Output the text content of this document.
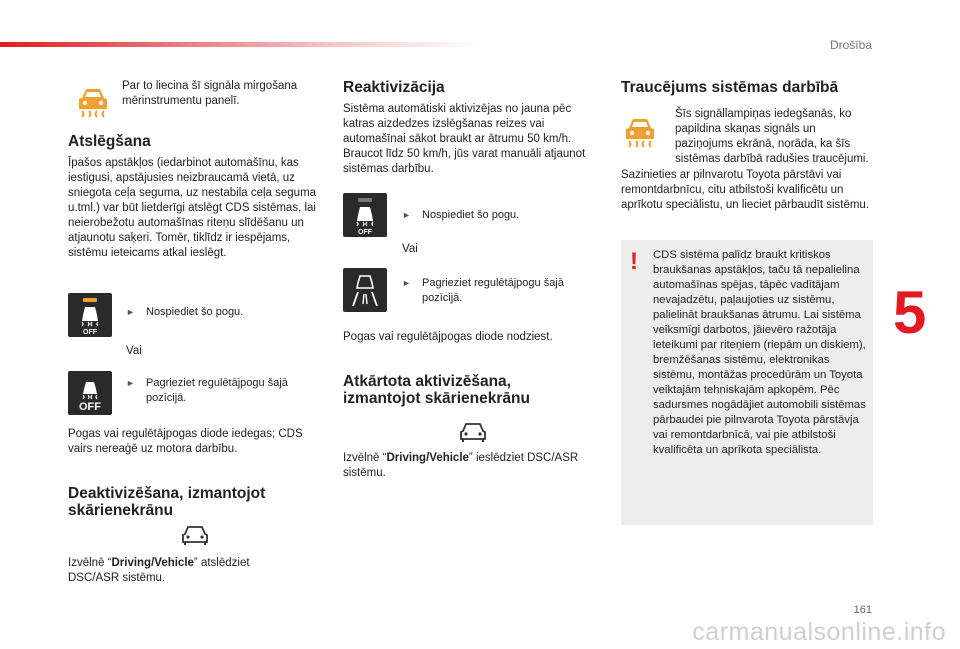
Drošība
5
161
carmanualsonline.info

Par to liecina šī signāla mirgošana mērinstrumentu panelī.

Atslēgšana

Īpašos apstākļos (iedarbinot automašīnu, kas iestigusi, apstājusies neizbraucamā vietā, uz sniegota ceļa seguma, uz nestabila ceļa seguma u.tml.) var būt lietderīgi atslēgt CDS sistēmas, lai neierobežotu automašīnas riteņu slīdēšanu un atjaunotu saķeri. Tomēr, tiklīdz ir iespējams, sistēmu ieteicams atkal ieslēgt.

OFF
► Nospiediet šo pogu.
Vai
OFF
► Pagrieziet regulētājpogu šajā pozīcijā.

Pogas vai regulētājpogas diode iedegas; CDS vairs nereaģē uz motora darbību.

Deaktivizēšana, izmantojot skārienekrānu

Izvēlnē “Driving/Vehicle” atslēdziet DSC/ASR sistēmu.

Reaktivizācija

Sistēma automātiski aktivizējas no jauna pēc katras aizdedzes izslēgšanas reizes vai automašīnai sākot braukt ar ātrumu 50 km/h. Braucot līdz 50 km/h, jūs varat manuāli atjaunot sistēmas darbību.

OFF
► Nospiediet šo pogu.
Vai
► Pagrieziet regulētājpogu šajā pozīcijā.

Pogas vai regulētājpogas diode nodziest.

Atkārtota aktivizēšana, izmantojot skārienekrānu

Izvēlnē “Driving/Vehicle” ieslēdziet DSC/ASR sistēmu.

Traucējums sistēmas darbībā

Šīs signāllampiņas iedegšanās, ko papildina skaņas signāls un paziņojums ekrānā, norāda, ka šīs sistēmas darbībā radušies traucējumi.

Sazinieties ar pilnvarotu Toyota pārstāvi vai remontdarbnīcu, citu atbilstoši kvalificētu un aprīkotu speciālistu, un lieciet pārbaudīt sistēmu.

! CDS sistēma palīdz braukt kritiskos braukšanas apstākļos, taču tā nepalielina automašīnas spējas, tāpēc vadītājam nevajadzētu, paļaujoties uz sistēmu, palielināt braukšanas ātrumu. Lai sistēma veiksmīgi darbotos, jāievēro ražotāja ieteikumi par riteņiem (riepām un diskiem), bremžēšanas sistēmu, elektronikas sistēmu, montāžas procedūrām un Toyota veiktajām tehniskajām apkopēm. Pēc sadursmes nogādājiet automobili sistēmas pārbaudei pie pilnvarota Toyota pārstāvja vai remontdarbnīcā, vai pie atbilstoši kvalificēta un aprīkota speciālista.
